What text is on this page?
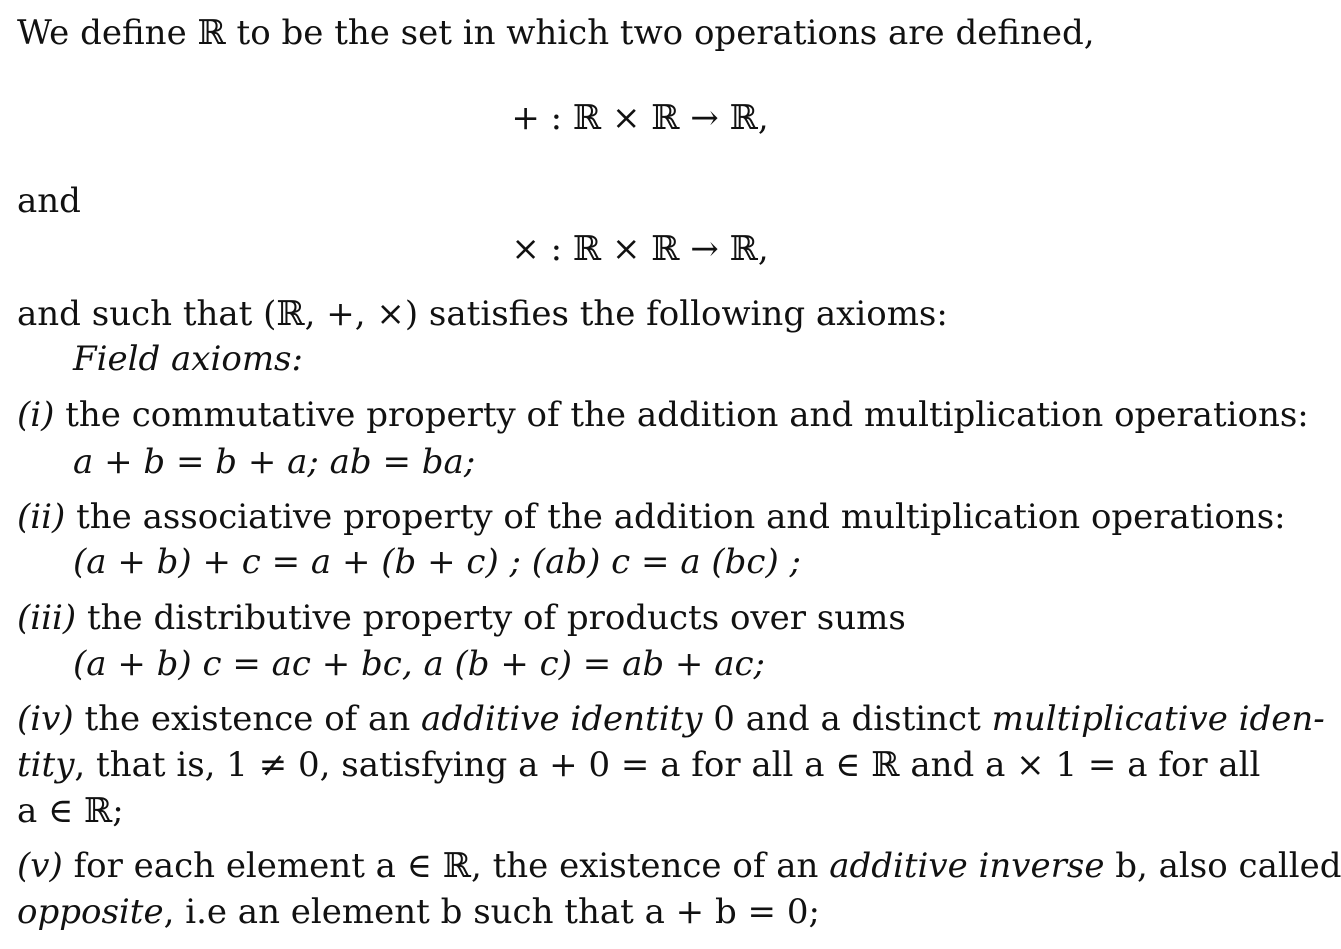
We define ℝ to be the set in which two operations are defined,
+ : ℝ × ℝ → ℝ,
and
× : ℝ × ℝ → ℝ,
and such that (ℝ, +, ×) satisfies the following axioms:
Field axioms:
(i) the commutative property of the addition and multiplication operations:
a + b = b + a; ab = ba;
(ii) the associative property of the addition and multiplication operations:
(a + b) + c = a + (b + c) ; (ab) c = a (bc) ;
(iii) the distributive property of products over sums
(a + b) c = ac + bc, a (b + c) = ab + ac;
(iv) the existence of an additive identity 0 and a distinct multiplicative iden-
tity, that is, 1 ≠ 0, satisfying a + 0 = a for all a ∈ ℝ and a × 1 = a for all
a ∈ ℝ;
(v) for each element a ∈ ℝ, the existence of an additive inverse b, also called
opposite, i.e an element b such that a + b = 0;
